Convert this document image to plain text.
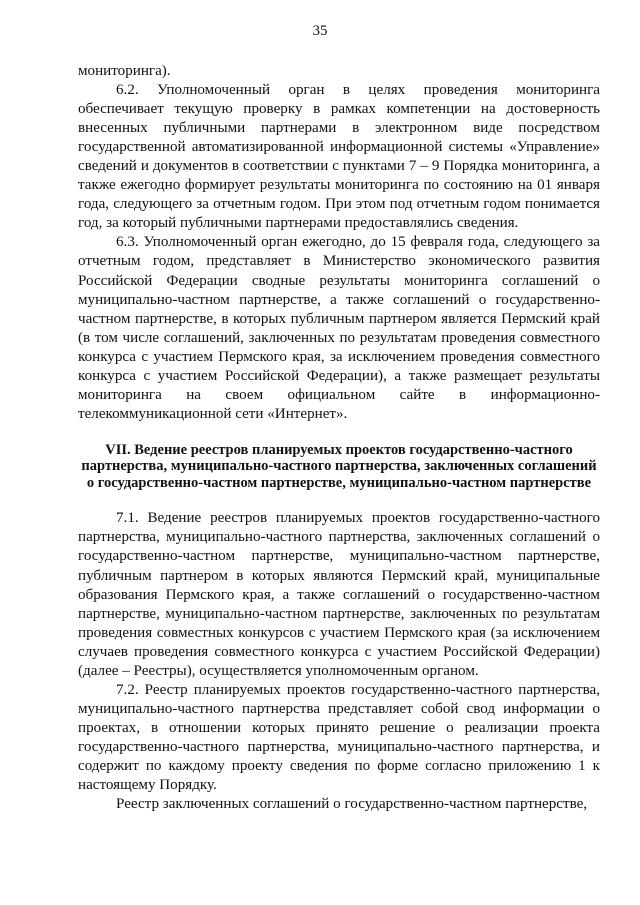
35

мониторинга).

6.2. Уполномоченный орган в целях проведения мониторинга обеспечивает текущую проверку в рамках компетенции на достоверность внесенных публичными партнерами в электронном виде посредством государственной автоматизированной информационной системы «Управление» сведений и документов в соответствии с пунктами 7 – 9 Порядка мониторинга, а также ежегодно формирует результаты мониторинга по состоянию на 01 января года, следующего за отчетным годом. При этом под отчетным годом понимается год, за который публичными партнерами предоставлялись сведения.

6.3. Уполномоченный орган ежегодно, до 15 февраля года, следующего за отчетным годом, представляет в Министерство экономического развития Российской Федерации сводные результаты мониторинга соглашений о муниципально-частном партнерстве, а также соглашений о государственно-частном партнерстве, в которых публичным партнером является Пермский край (в том числе соглашений, заключенных по результатам проведения совместного конкурса с участием Пермского края, за исключением проведения совместного конкурса с участием Российской Федерации), а также размещает результаты мониторинга на своем официальном сайте в информационно-телекоммуникационной сети «Интернет».

VII. Ведение реестров планируемых проектов государственно-частного партнерства, муниципально-частного партнерства, заключенных соглашений о государственно-частном партнерстве, муниципально-частном партнерстве

7.1. Ведение реестров планируемых проектов государственно-частного партнерства, муниципально-частного партнерства, заключенных соглашений о государственно-частном партнерстве, муниципально-частном партнерстве, публичным партнером в которых являются Пермский край, муниципальные образования Пермского края, а также соглашений о государственно-частном партнерстве, муниципально-частном партнерстве, заключенных по результатам проведения совместных конкурсов с участием Пермского края (за исключением случаев проведения совместного конкурса с участием Российской Федерации) (далее – Реестры), осуществляется уполномоченным органом.

7.2. Реестр планируемых проектов государственно-частного партнерства, муниципально-частного партнерства представляет собой свод информации о проектах, в отношении которых принято решение о реализации проекта государственно-частного партнерства, муниципально-частного партнерства, и содержит по каждому проекту сведения по форме согласно приложению 1 к настоящему Порядку.

Реестр заключенных соглашений о государственно-частном партнерстве,
